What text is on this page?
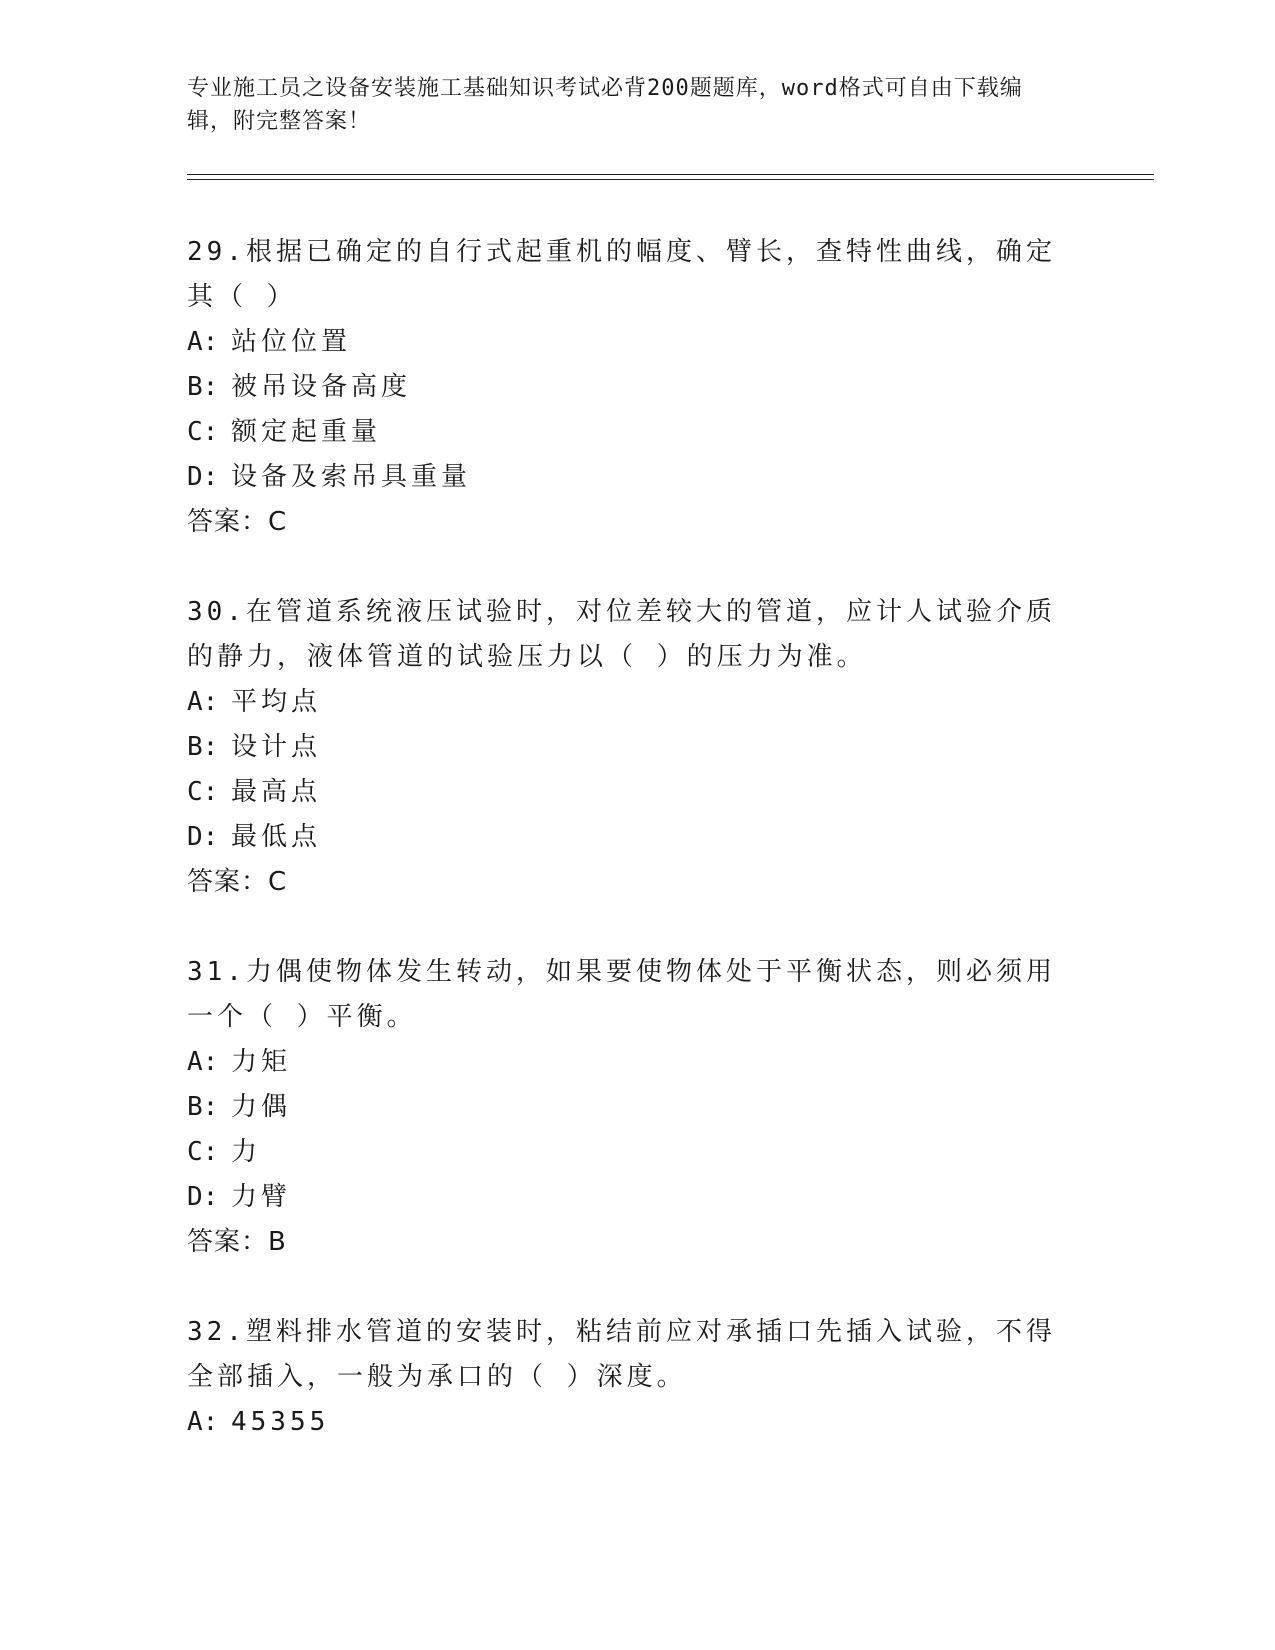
专业施工员之设备安装施工基础知识考试必背200题题库，word格式可自由下载编辑，附完整答案！
29.根据已确定的自行式起重机的幅度、臂长，查特性曲线，确定其（ ）
A: 站位位置
B: 被吊设备高度
C: 额定起重量
D: 设备及索吊具重量
答案：C
30.在管道系统液压试验时，对位差较大的管道，应计人试验介质的静力，液体管道的试验压力以（ ）的压力为准。
A: 平均点
B: 设计点
C: 最高点
D: 最低点
答案：C
31.力偶使物体发生转动，如果要使物体处于平衡状态，则必须用一个（ ）平衡。
A: 力矩
B: 力偶
C: 力
D: 力臂
答案：B
32.塑料排水管道的安装时，粘结前应对承插口先插入试验，不得全部插入，一般为承口的（ ）深度。
A: 45355
